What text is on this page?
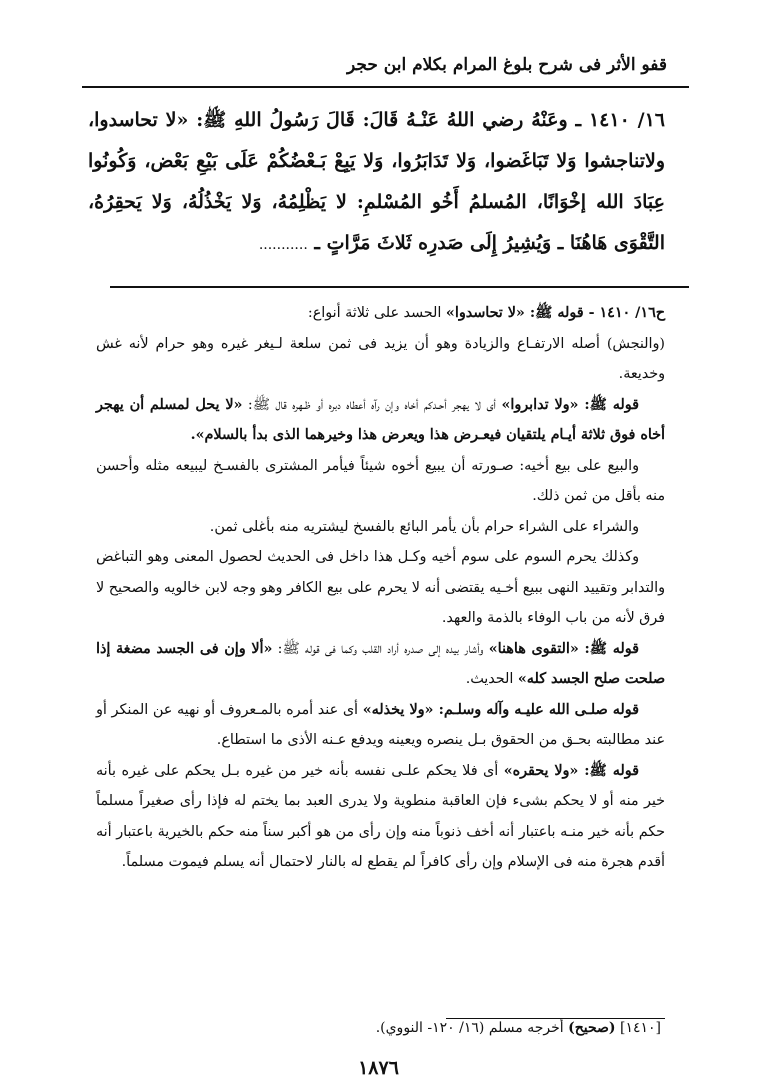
قفو الأثر فى شرح بلوغ المرام بكلام ابن حجر

١٦/ ١٤١٠ ـ وعَنْهُ رضي اللهُ عَنْـهُ قَالَ: قَالَ رَسُولُ اللهِ ﷺ: «لا تحاسدوا، ولاتناجشوا وَلا تَبَاغَضوا، وَلا تَدَابَرُوا، وَلا يَبِعْ بَـعْضُكُمْ عَلَى بَيْعِ بَعْض، وَكُونُوا عِبَادَ الله إخْوَانًا، المُسلمُ أَخُو المُسْلمِ: لا يَظْلِمُهُ، وَلا يَخْذُلُهُ، وَلا يَحقِرُهُ، التَّقْوَى هَاهُنَا ـ وَيُشِيرُ إِلَى صَدرِه ثَلاثَ مَرَّاتٍ ـ ...........

ح١٦/ ١٤١٠ - قوله ﷺ: «لا تحاسدوا» الحسد على ثلاثة أنواع:

(والنجش) أصله الارتفـاع والزيادة وهو أن يزيد فى ثمن سلعة لـيغر غيره وهو حرام لأنه غش وخديعة.

قوله ﷺ: «ولا تدابروا» أى لا يهجر أحـدكم أخاه وإن رآه أعطاه دبره أو ظـهره قال ﷺ: «لا يحل لمسلم أن يهجر أخاه فوق ثلاثة أيـام يلتقيان فيعـرض هذا ويعرض هذا وخيرهما الذى بدأ بالسلام».

والبيع على بيع أخيه: صـورته أن يبيع أخوه شيئاً فيأمر المشترى بالفسـخ ليبيعه مثله وأحسن منه بأقل من ثمن ذلك.

والشراء على الشراء حرام بأن يأمر البائع بالفسخ ليشتريه منه بأغلى ثمن.

وكذلك يحرم السوم على سوم أخيه وكـل هذا داخل فى الحديث لحصول المعنى وهو التباغض والتدابر وتقييد النهى ببيع أخـيه يقتضى أنه لا يحرم على بيع الكافر وهو وجه لابن خالويه والصحيح لا فرق لأنه من باب الوفاء بالذمة والعهد.

قوله ﷺ: «التقوى هاهنا» وأشار بيده إلى صدره أراد القلب وكما فى قوله ﷺ: «ألا وإن فى الجسد مضغة إذا صلحت صلح الجسد كله» الحديث.

قوله صلـى الله عليـه وآله وسلـم: «ولا يخذله» أى عند أمره بالمـعروف أو نهيه عن المنكر أو عند مطالبته بحـق من الحقوق بـل ينصره ويعينه ويدفع عـنه الأذى ما استطاع.

قوله ﷺ: «ولا يحقره» أى فلا يحكم علـى نفسه بأنه خير من غيره بـل يحكم على غيره بأنه خير منه أو لا يحكم بشىء فإن العاقبة منطوية ولا يدرى العبد بما يختم له فإذا رأى صغيراً مسلماً حكم بأنه خير منـه باعتبار أنه أخف ذنوباً منه وإن رأى من هو أكبر سناً منه حكم بالخيرية باعتبار أنه أقدم هجرة منه فى الإسلام وإن رأى كافراً لم يقطع له بالنار لاحتمال أنه يسلم فيموت مسلماً.

[١٤١٠] (صحيح) أخرجه مسلم (١٦/ ١٢٠- النووي).
١٨٧٦
